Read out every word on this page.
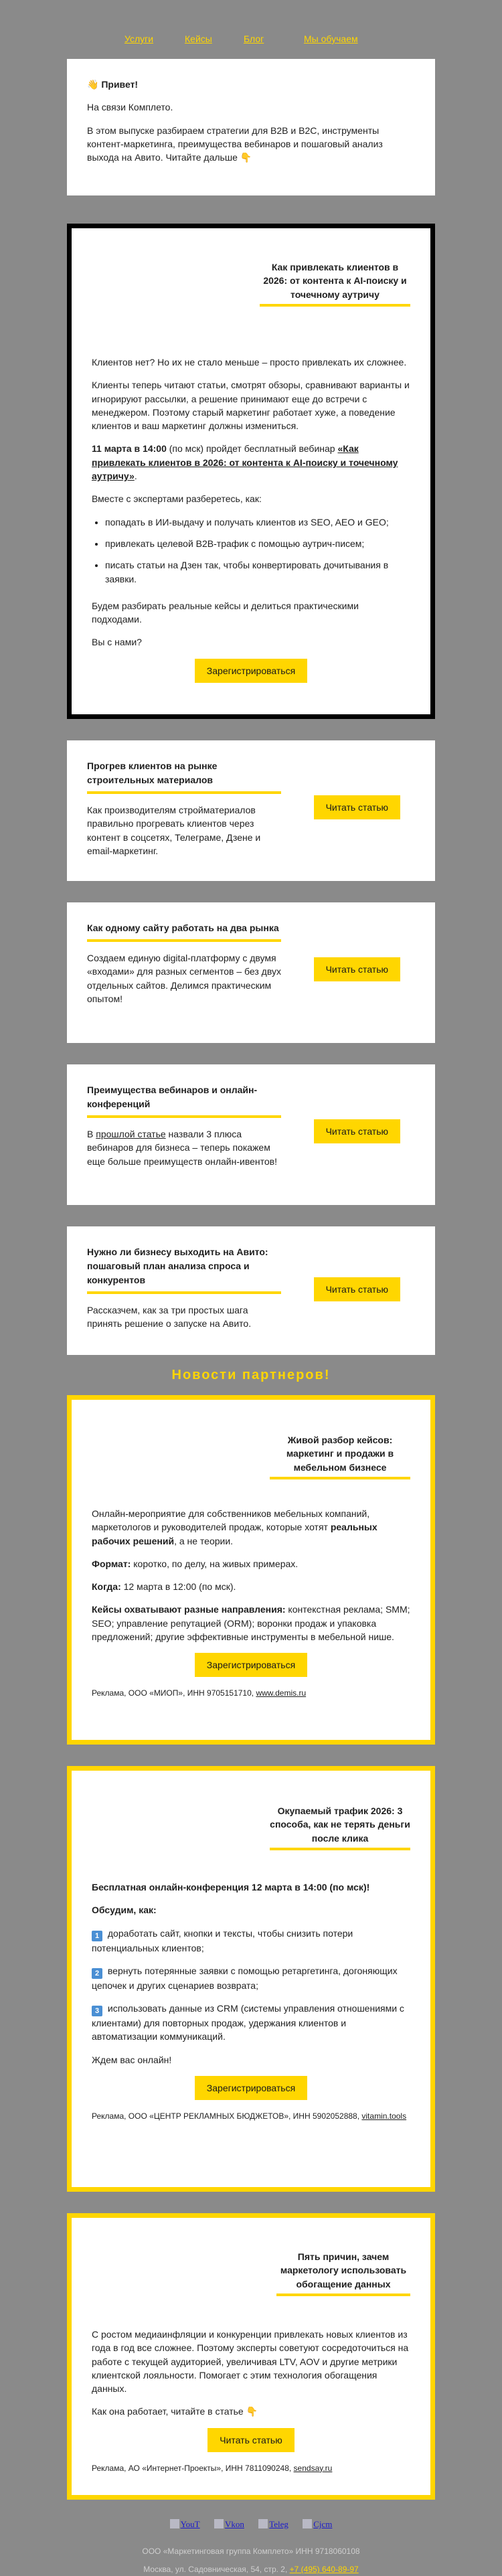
Услуги	Кейсы	Блог	Мы обучаем
👋 Привет!
На связи Комплето.
В этом выпуске разбираем стратегии для B2B и B2C, инструменты контент-маркетинга, преимущества вебинаров и пошаговый анализ выхода на Авито. Читайте дальше 👇
Как привлекать клиентов в 2026: от контента к AI-поиску и точечному аутричу
Клиентов нет? Но их не стало меньше – просто привлекать их сложнее.
Клиенты теперь читают статьи, смотрят обзоры, сравнивают варианты и игнорируют рассылки, а решение принимают еще до встречи с менеджером. Поэтому старый маркетинг работает хуже, а поведение клиентов и ваш маркетинг должны измениться.
11 марта в 14:00 (по мск) пройдет бесплатный вебинар «Как привлекать клиентов в 2026: от контента к AI-поиску и точечному аутричу».
Вместе с экспертами разберетесь, как:
• попадать в ИИ-выдачу и получать клиентов из SEO, AEO и GEO;
• привлекать целевой B2B-трафик с помощью аутрич-писем;
• писать статьи на Дзен так, чтобы конвертировать дочитывания в заявки.
Будем разбирать реальные кейсы и делиться практическими подходами.
Вы с нами?
Зарегистрироваться
Прогрев клиентов на рынке строительных материалов
Как производителям стройматериалов правильно прогревать клиентов через контент в соцсетях, Телеграме, Дзене и email-маркетинг.
Читать статью
Как одному сайту работать на два рынка
Создаем единую digital-платформу с двумя «входами» для разных сегментов – без двух отдельных сайтов. Делимся практическим опытом!
Читать статью
Преимущества вебинаров и онлайн-конференций
В прошлой статье назвали 3 плюса вебинаров для бизнеса – теперь покажем еще больше преимуществ онлайн-ивентов!
Читать статью
Нужно ли бизнесу выходить на Авито: пошаговый план анализа спроса и конкурентов
Рассказчем, как за три простых шага принять решение о запуске на Авито.
Читать статью
Новости партнеров!
Живой разбор кейсов: маркетинг и продажи в мебельном бизнесе
Онлайн-мероприятие для собственников мебельных компаний, маркетологов и руководителей продаж, которые хотят реальных рабочих решений, а не теории.
Формат: коротко, по делу, на живых примерах.
Когда: 12 марта в 12:00 (по мск).
Кейсы охватывают разные направления: контекстная реклама; SMM; SEO; управление репутацией (ORM); воронки продаж и упаковка предложений; другие эффективные инструменты в мебельной нише.
Зарегистрироваться
Реклама, ООО «МИОП», ИНН 9705151710, www.demis.ru
Окупаемый трафик 2026: 3 способа, как не терять деньги после клика
Бесплатная онлайн-конференция 12 марта в 14:00 (по мск)!
Обсудим, как:
1 доработать сайт, кнопки и тексты, чтобы снизить потери потенциальных клиентов;
2 вернуть потерянные заявки с помощью ретаргетинга, догоняющих цепочек и других сценариев возврата;
3 использовать данные из CRM (системы управления отношениями с клиентами) для повторных продаж, удержания клиентов и автоматизации коммуникаций.
Ждем вас онлайн!
Зарегистрироваться
Реклама, ООО «ЦЕНТР РЕКЛАМНЫХ БЮДЖЕТОВ», ИНН 5902052888, vitamin.tools
Пять причин, зачем маркетологу использовать обогащение данных
С ростом медиаинфляции и конкуренции привлекать новых клиентов из года в год все сложнее. Поэтому эксперты советуют сосредоточиться на работе с текущей аудиторией, увеличивая LTV, AOV и другие метрики клиентской лояльности. Помогает с этим технология обогащения данных.
Как она работает, читайте в статье 👇
Читать статью
Реклама, АО «Интернет-Проекты», ИНН 7811090248, sendsay.ru
YouT	Vkon	Teleg	Cjcm
ООО «Маркетинговая группа Комплето» ИНН 9718060108
Москва, ул. Садовническая, 54, стр. 2, +7 (495) 640-89-97
